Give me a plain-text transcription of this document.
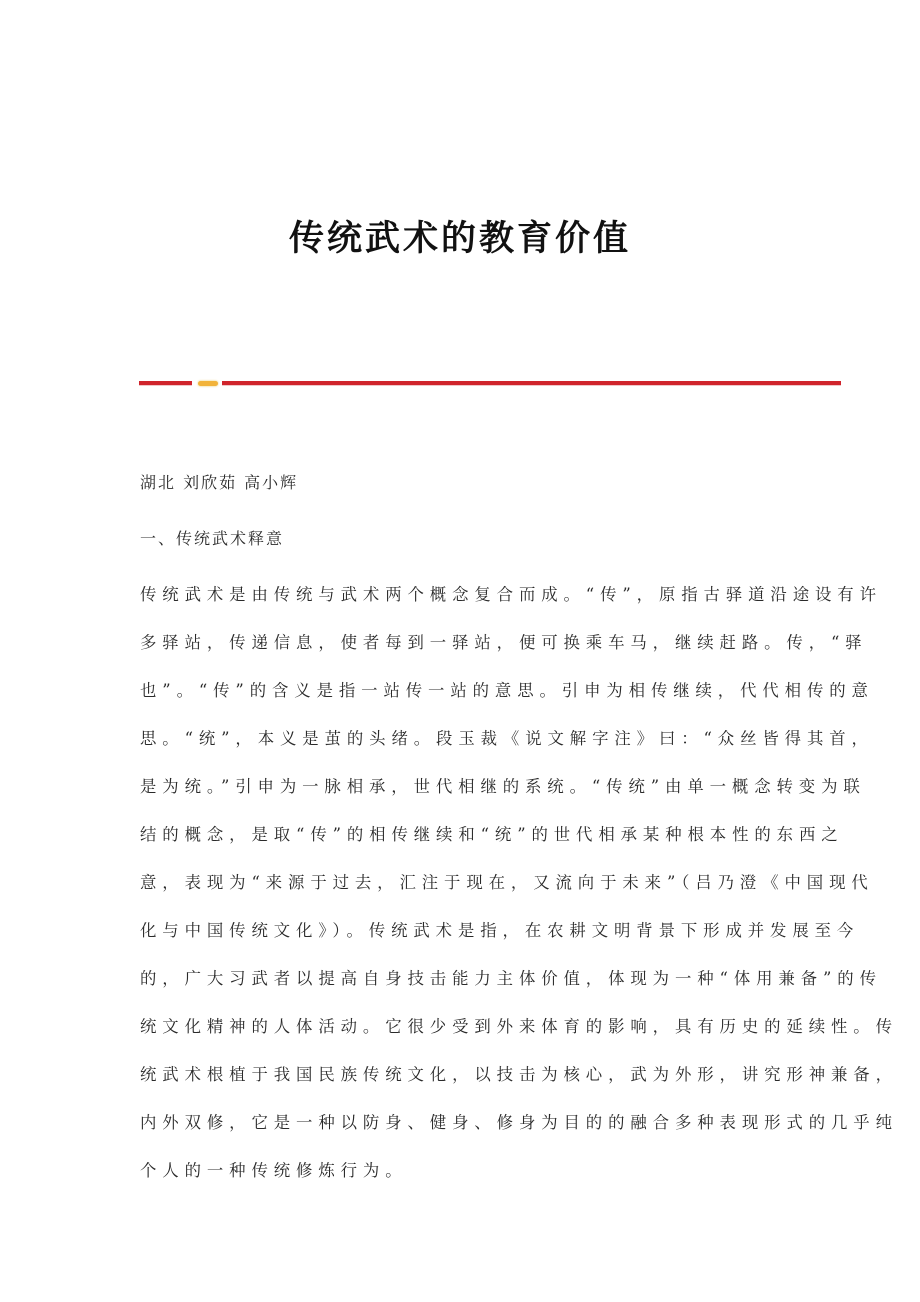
传统武术的教育价值
湖北 刘欣茹 高小辉
一、传统武术释意
传统武术是由传统与武术两个概念复合而成。“传”，原指古驿道沿途设有许
多驿站，传递信息，使者每到一驿站，便可换乘车马，继续赶路。传，“驿
也”。“传”的含义是指一站传一站的意思。引申为相传继续，代代相传的意
思。“统”，本义是茧的头绪。段玉裁《说文解字注》曰：“众丝皆得其首，
是为统。”引申为一脉相承，世代相继的系统。“传统”由单一概念转变为联
结的概念，是取“传”的相传继续和“统”的世代相承某种根本性的东西之
意，表现为“来源于过去，汇注于现在，又流向于未来”（吕乃澄《中国现代
化与中国传统文化》）。传统武术是指，在农耕文明背景下形成并发展至今
的，广大习武者以提高自身技击能力主体价值，体现为一种“体用兼备”的传
统文化精神的人体活动。它很少受到外来体育的影响，具有历史的延续性。传
统武术根植于我国民族传统文化，以技击为核心，武为外形，讲究形神兼备，
内外双修，它是一种以防身、健身、修身为目的的融合多种表现形式的几乎纯
个人的一种传统修炼行为。
